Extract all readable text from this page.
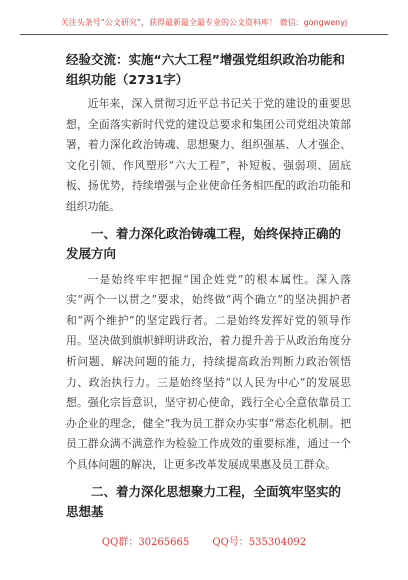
关注头条号“公文研究”，获得最新最全最专业的公文资料库！ 微信：gongwenyj
经验交流：实施“六大工程”增强党组织政治功能和组织功能（2731字）

近年来，深入贯彻习近平总书记关于党的建设的重要思想，全面落实新时代党的建设总要求和集团公司党组决策部署，着力深化政治铸魂、思想聚力、组织强基、人才强企、文化引领、作风塑形“六大工程”，补短板、强弱项、固底板、扬优势，持续增强与企业使命任务相匹配的政治功能和组织功能。

一、着力深化政治铸魂工程，始终保持正确的发展方向

一是始终牢牢把握“国企姓党”的根本属性。深入落实“两个一以贯之”要求，始终做“两个确立”的坚决拥护者和“两个维护”的坚定践行者。二是始终发挥好党的领导作用。坚决做到旗帜鲜明讲政治，着力提升善于从政治角度分析问题、解决问题的能力，持续提高政治判断力政治领悟力、政治执行力。三是始终坚持“以人民为中心”的发展思想。强化宗旨意识，坚守初心使命，践行全心全意依靠员工办企业的理念，健全“我为员工群众办实事”常态化机制。把员工群众满不满意作为检验工作成效的重要标准，通过一个个具体问题的解决，让更多改革发展成果惠及员工群众。

二、着力深化思想聚力工程，全面筑牢坚实的思想基
QQ群：30265665 QQ号：535304092
